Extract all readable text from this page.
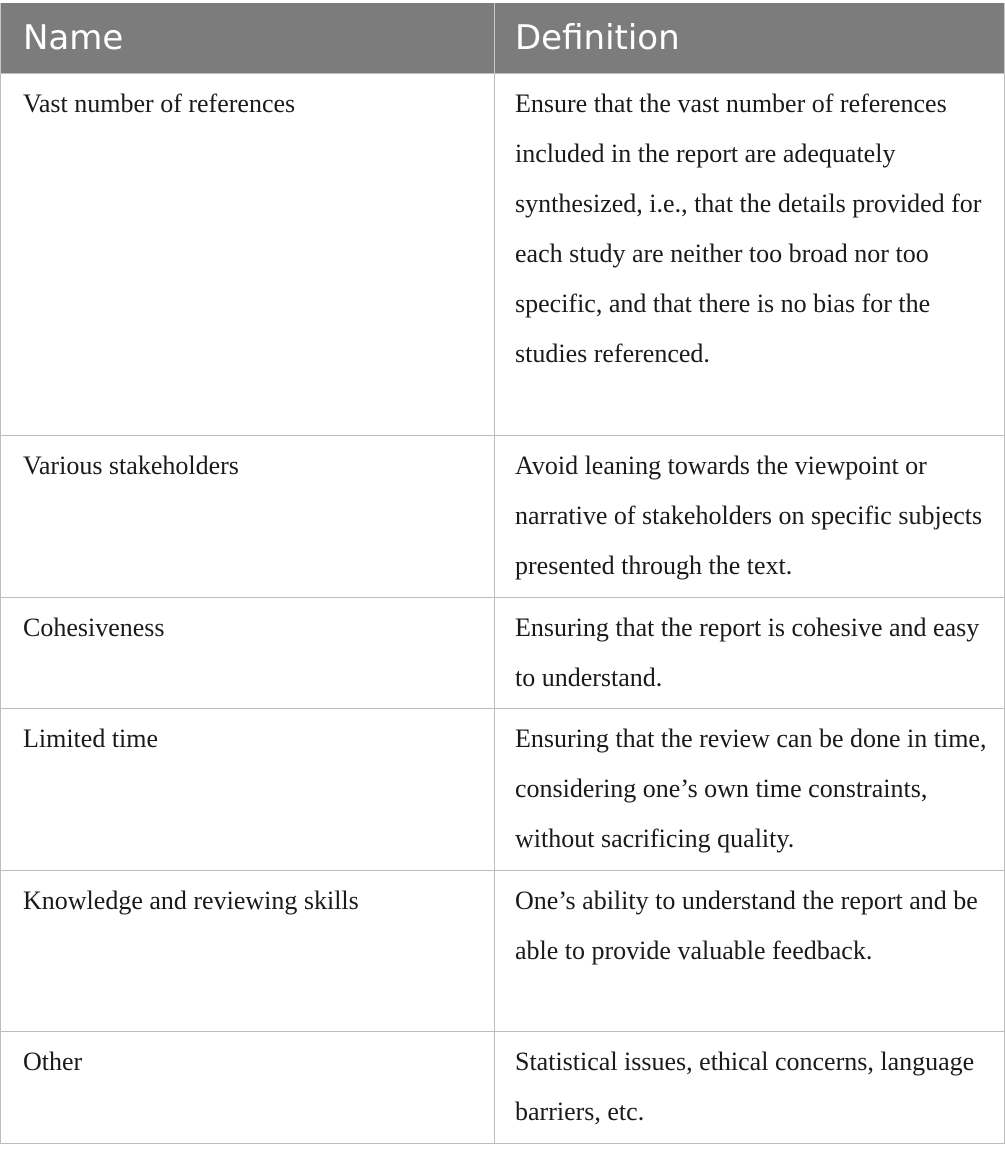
Name	Definition
Vast number of references	Ensure that the vast number of references included in the report are adequately synthesized, i.e., that the details provided for each study are neither too broad nor too specific, and that there is no bias for the studies referenced.
Various stakeholders	Avoid leaning towards the viewpoint or narrative of stakeholders on specific subjects presented through the text.
Cohesiveness	Ensuring that the report is cohesive and easy to understand.
Limited time	Ensuring that the review can be done in time, considering one’s own time constraints, without sacrificing quality.
Knowledge and reviewing skills	One’s ability to understand the report and be able to provide valuable feedback.
Other	Statistical issues, ethical concerns, language barriers, etc.
